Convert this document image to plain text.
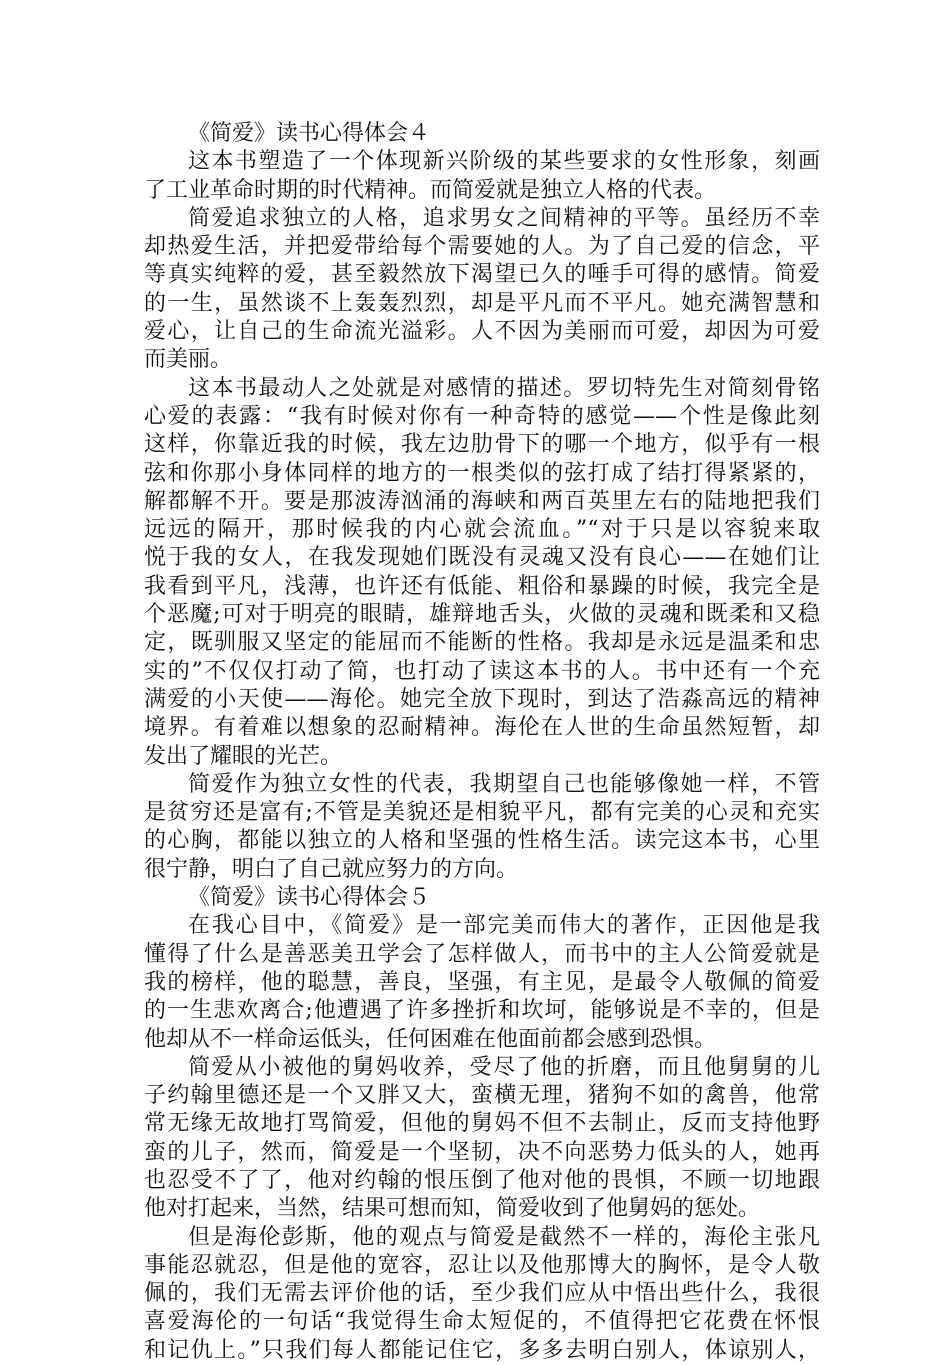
《简爱》读书心得体会４
这本书塑造了一个体现新兴阶级的某些要求的女性形象，刻画
了工业革命时期的时代精神。而简爱就是独立人格的代表。
简爱追求独立的人格，追求男女之间精神的平等。虽经历不幸
却热爱生活，并把爱带给每个需要她的人。为了自己爱的信念，平
等真实纯粹的爱，甚至毅然放下渴望已久的唾手可得的感情。简爱
的一生，虽然谈不上轰轰烈烈，却是平凡而不平凡。她充满智慧和
爱心，让自己的生命流光溢彩。人不因为美丽而可爱，却因为可爱
而美丽。
这本书最动人之处就是对感情的描述。罗切特先生对简刻骨铭
心爱的表露：“我有时候对你有一种奇特的感觉——个性是像此刻
这样，你靠近我的时候，我左边肋骨下的哪一个地方，似乎有一根
弦和你那小身体同样的地方的一根类似的弦打成了结打得紧紧的，
解都解不开。要是那波涛汹涌的海峡和两百英里左右的陆地把我们
远远的隔开，那时候我的内心就会流血。”“对于只是以容貌来取
悦于我的女人，在我发现她们既没有灵魂又没有良心——在她们让
我看到平凡，浅薄，也许还有低能、粗俗和暴躁的时候，我完全是
个恶魔;可对于明亮的眼睛，雄辩地舌头，火做的灵魂和既柔和又稳
定，既驯服又坚定的能屈而不能断的性格。我却是永远是温柔和忠
实的”不仅仅打动了简，也打动了读这本书的人。书中还有一个充
满爱的小天使——海伦。她完全放下现时，到达了浩淼高远的精神
境界。有着难以想象的忍耐精神。海伦在人世的生命虽然短暂，却
发出了耀眼的光芒。
简爱作为独立女性的代表，我期望自己也能够像她一样，不管
是贫穷还是富有;不管是美貌还是相貌平凡，都有完美的心灵和充实
的心胸，都能以独立的人格和坚强的性格生活。读完这本书，心里
很宁静，明白了自己就应努力的方向。
《简爱》读书心得体会５
在我心目中，《简爱》是一部完美而伟大的著作，正因他是我
懂得了什么是善恶美丑学会了怎样做人，而书中的主人公简爱就是
我的榜样，他的聪慧，善良，坚强，有主见，是最令人敬佩的简爱
的一生悲欢离合;他遭遇了许多挫折和坎坷，能够说是不幸的，但是
他却从不一样命运低头，任何困难在他面前都会感到恐惧。
简爱从小被他的舅妈收养，受尽了他的折磨，而且他舅舅的儿
子约翰里德还是一个又胖又大，蛮横无理，猪狗不如的禽兽，他常
常无缘无故地打骂简爱，但他的舅妈不但不去制止，反而支持他野
蛮的儿子，然而，简爱是一个坚韧，决不向恶势力低头的人，她再
也忍受不了了，他对约翰的恨压倒了他对他的畏惧，不顾一切地跟
他对打起来，当然，结果可想而知，简爱收到了他舅妈的惩处。
但是海伦彭斯，他的观点与简爱是截然不一样的，海伦主张凡
事能忍就忍，但是他的宽容，忍让以及他那博大的胸怀，是令人敬
佩的，我们无需去评价他的话，至少我们应从中悟出些什么，我很
喜爱海伦的一句话“我觉得生命太短促的，不值得把它花费在怀恨
和记仇上。”只我们每人都能记住它，多多去明白别人，体谅别人，
